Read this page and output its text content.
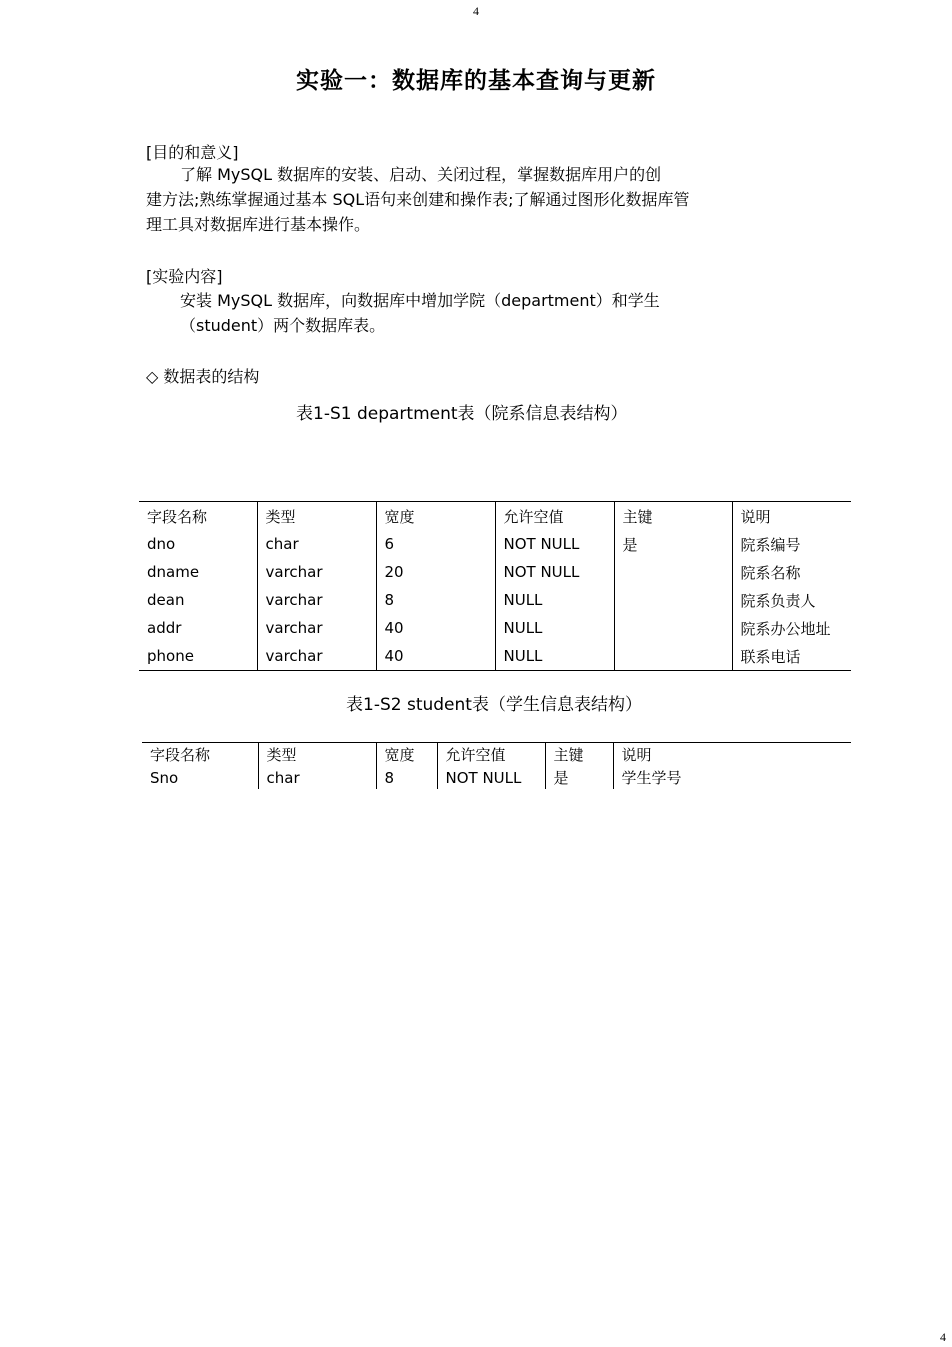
4
实验一：数据库的基本查询与更新
[目的和意义]
了解 MySQL 数据库的安装、启动、关闭过程，掌握数据库用户的创
建方法;熟练掌握通过基本 SQL语句来创建和操作表;了解通过图形化数据库管
理工具对数据库进行基本操作。
[实验内容]
安装 MySQL 数据库，向数据库中增加学院（department）和学生
（student）两个数据库表。
◇ 数据表的结构
表1-S1 department表（院系信息表结构）
字段名称	类型	宽度	允许空值	主键	说明
dno	char	6	NOT NULL	是	院系编号
dname	varchar	20	NOT NULL		院系名称
dean	varchar	8	NULL		院系负责人
addr	varchar	40	NULL		院系办公地址
phone	varchar	40	NULL		联系电话
表1-S2 student表（学生信息表结构）
字段名称	类型	宽度	允许空值	主键	说明
Sno	char	8	NOT NULL	是	学生学号
4
